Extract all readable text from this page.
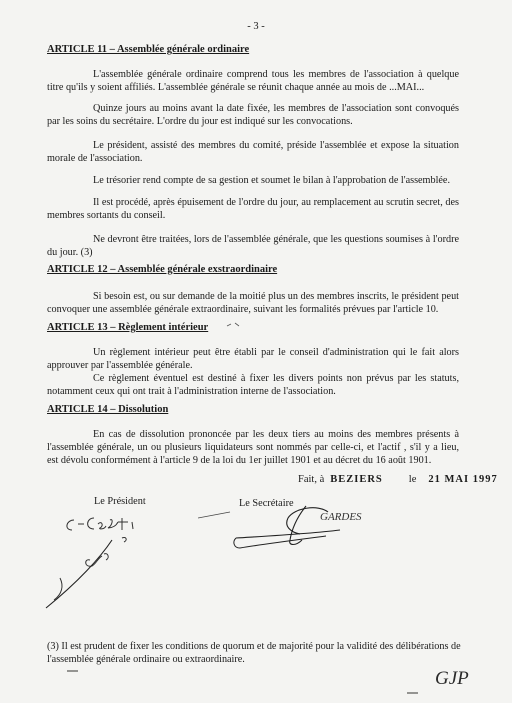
- 3 -
ARTICLE 11 – Assemblée générale ordinaire
L'assemblée générale ordinaire comprend tous les membres de l'association à quelque titre qu'ils y soient affiliés. L'assemblée générale se réunit chaque année au mois de ...MAI...
Quinze jours au moins avant la date fixée, les membres de l'association sont convoqués par les soins du secrétaire. L'ordre du jour est indiqué sur les convocations.
Le président, assisté des membres du comité, préside l'assemblée et expose la situation morale de l'association.
Le trésorier rend compte de sa gestion et soumet le bilan à l'approbation de l'assemblée.
Il est procédé, après épuisement de l'ordre du jour, au remplacement au scrutin secret, des membres sortants du conseil.
Ne devront être traitées, lors de l'assemblée générale, que les questions soumises à l'ordre du jour. (3)
ARTICLE 12 – Assemblée générale exstraordinaire
Si besoin est, ou sur demande de la moitié plus un des membres inscrits, le président peut convoquer une assemblée générale extraordinaire, suivant les formalités prévues par l'article 10.
ARTICLE 13 – Règlement intérieur
Un règlement intérieur peut être établi par le conseil d'administration qui le fait alors approuver par l'assemblée générale.
Ce règlement éventuel est destiné à fixer les divers points non prévus par les statuts, notamment ceux qui ont trait à l'administration interne de l'association.
ARTICLE 14 – Dissolution
En cas de dissolution prononcée par les deux tiers au moins des membres présents à l'assemblée générale, un ou plusieurs liquidateurs sont nommés par celle-ci, et l'actif , s'il y a lieu, est dévolu conformément à l'article 9 de la loi du 1er juillet 1901 et au décret du 16 août 1901.
Fait, à BEZIERS le 21 MAI 1997
Le Président	Le Secrétaire
GARDES
(3) Il est prudent de fixer les conditions de quorum et de majorité pour la validité des délibérations de l'assemblée générale ordinaire ou extraordinaire.
GJP
